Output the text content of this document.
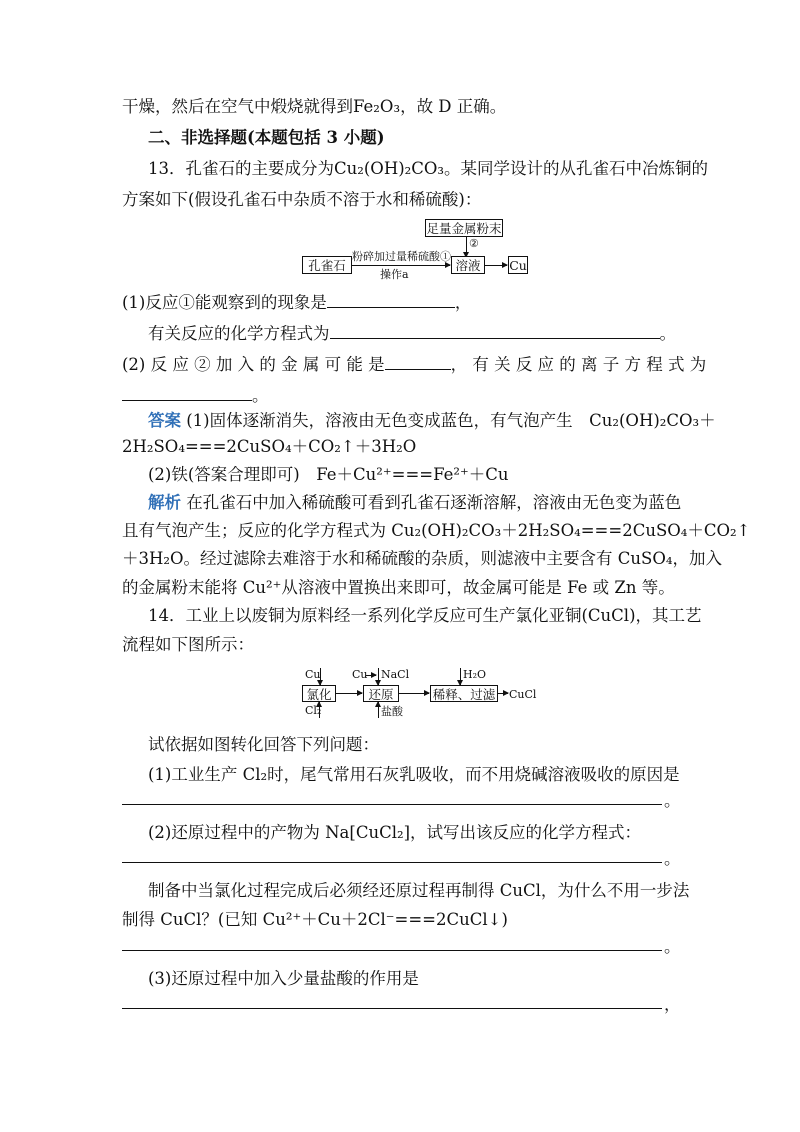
干燥，然后在空气中煅烧就得到Fe₂O₃，故 D 正确。
二、非选择题(本题包括 3 小题)
13．孔雀石的主要成分为Cu₂(OH)₂CO₃。某同学设计的从孔雀石中冶炼铜的
方案如下(假设孔雀石中杂质不溶于水和稀硫酸)：
足量金属粉末
②
孔雀石
粉碎加过量稀硫酸①
操作a
溶液	Cu
(1)反应①能观察到的现象是	，
有关反应的化学方程式为	。
(2) 反 应 ② 加 入 的 金 属 可 能 是	， 有 关 反 应 的 离 子 方 程 式 为
。
答案 (1)固体逐渐消失，溶液由无色变成蓝色，有气泡产生　Cu₂(OH)₂CO₃＋
2H₂SO₄===2CuSO₄＋CO₂↑＋3H₂O
(2)铁(答案合理即可)　Fe＋Cu²⁺===Fe²⁺＋Cu
解析 在孔雀石中加入稀硫酸可看到孔雀石逐渐溶解，溶液由无色变为蓝色
且有气泡产生；反应的化学方程式为 Cu₂(OH)₂CO₃＋2H₂SO₄===2CuSO₄＋CO₂↑
＋3H₂O。经过滤除去难溶于水和稀硫酸的杂质，则滤液中主要含有 CuSO₄，加入
的金属粉末能将 Cu²⁺从溶液中置换出来即可，故金属可能是 Fe 或 Zn 等。
14．工业上以废铜为原料经一系列化学反应可生产氯化亚铜(CuCl)，其工艺
流程如下图所示：
Cu
氯化
Cl₂
Cu NaCl
还原
盐酸
H₂O
稀释、过滤 CuCl
试依据如图转化回答下列问题：
(1)工业生产 Cl₂时，尾气常用石灰乳吸收，而不用烧碱溶液吸收的原因是
。
(2)还原过程中的产物为 Na[CuCl₂]，试写出该反应的化学方程式：
。
制备中当氯化过程完成后必须经还原过程再制得 CuCl，为什么不用一步法
制得 CuCl？(已知 Cu²⁺＋Cu＋2Cl⁻===2CuCl↓)
。
(3)还原过程中加入少量盐酸的作用是
，
